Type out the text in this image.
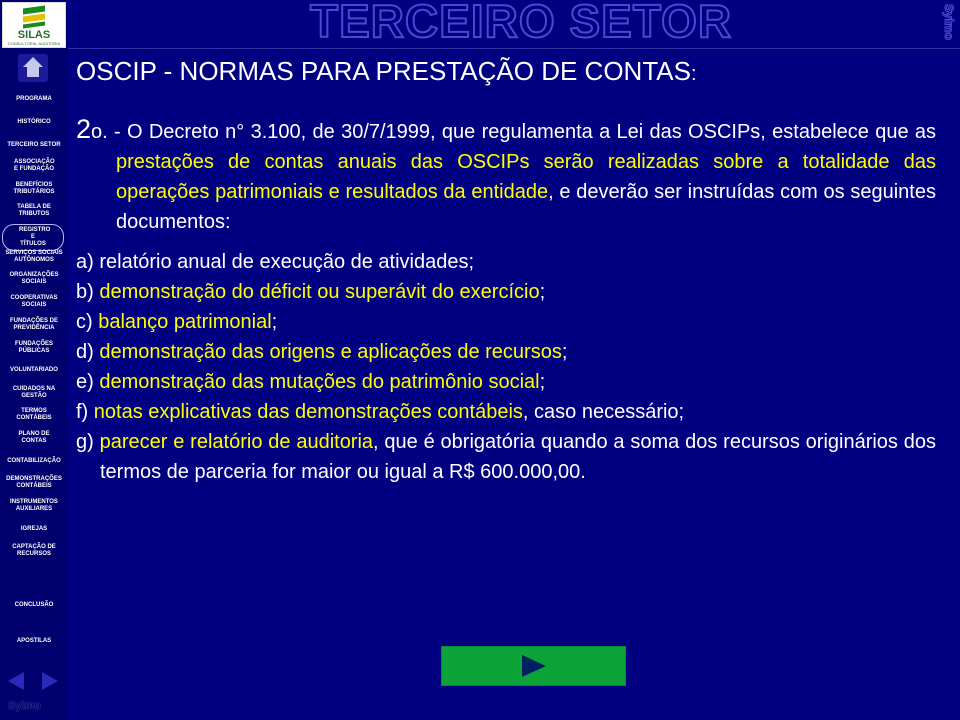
SILAS
CONSULTORIA, AUDITORIA
PROGRAMA
HISTÓRICO
TERCEIRO SETOR
ASSOCIAÇÃO E FUNDAÇÃO
BENEFÍCIOS TRIBUTÁRIOS
TABELA DE TRIBUTOS
REGISTRO E TÍTULOS
SERVIÇOS SOCIAIS AUTÔNOMOS
ORGANIZAÇÕES SOCIAIS
COOPERATIVAS SOCIAIS
FUNDAÇÕES DE PREVIDÊNCIA
FUNDAÇÕES PÚBLICAS
VOLUNTARIADO
CUIDADOS NA GESTÃO
TERMOS CONTÁBEIS
PLANO DE CONTAS
CONTABILIZAÇÃO
DEMONSTRAÇÕES CONTÁBEIS
INSTRUMENTOS AUXILIARES
IGREJAS
CAPTAÇÃO DE RECURSOS
CONCLUSÃO
APOSTILAS
Sylmo
TERCEIRO SETOR	Sylmo
OSCIP - NORMAS PARA PRESTAÇÃO DE CONTAS:
2o. - O Decreto n° 3.100, de 30/7/1999, que regulamenta a Lei das OSCIPs, estabelece que as prestações de contas anuais das OSCIPs serão realizadas sobre a totalidade das operações patrimoniais e resultados da entidade, e deverão ser instruídas com os seguintes documentos:
a) relatório anual de execução de atividades;
b) demonstração do déficit ou superávit do exercício;
c) balanço patrimonial;
d) demonstração das origens e aplicações de recursos;
e) demonstração das mutações do patrimônio social;
f) notas explicativas das demonstrações contábeis, caso necessário;
g) parecer e relatório de auditoria, que é obrigatória quando a soma dos recursos originários dos termos de parceria for maior ou igual a R$ 600.000,00.
